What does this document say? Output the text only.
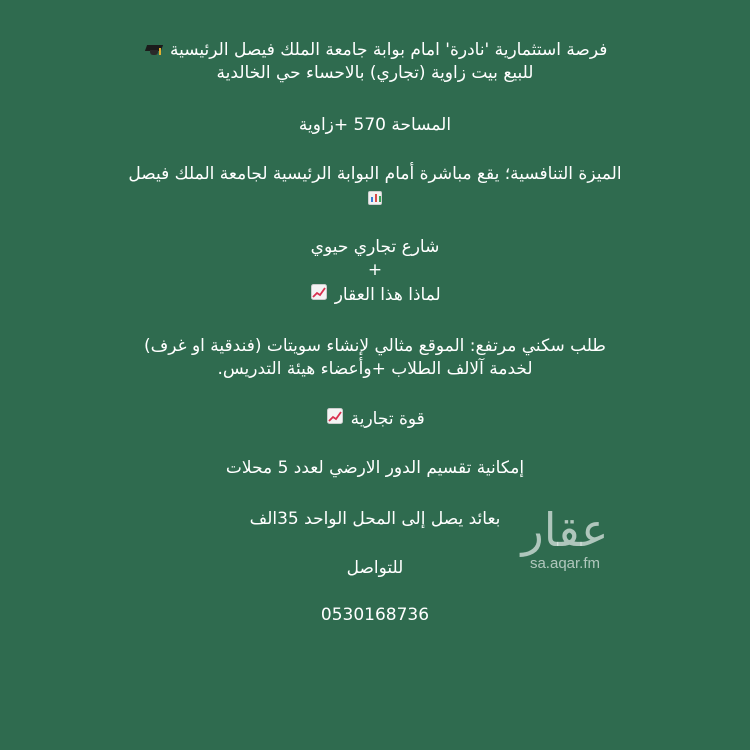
فرصة استثمارية 'نادرة' امام بوابة جامعة الملك فيصل الرئيسية
للبيع بيت زاوية (تجاري) بالاحساء حي الخالدية
المساحة 570 +زاوية
الميزة التنافسية؛ يقع مباشرة أمام البوابة الرئيسية لجامعة الملك فيصل
شارع تجاري حيوي
+
لماذا هذا العقار
طلب سكني مرتفع: الموقع مثالي لإنشاء سويتات (فندقية او غرف)
لخدمة آلالف الطلاب +وأعضاء هيئة التدريس.
قوة تجارية
إمكانية تقسيم الدور الارضي لعدد 5 محلات
بعائد يصل إلى المحل الواحد 35الف
للتواصل
0530168736
عقار
sa.aqar.fm
